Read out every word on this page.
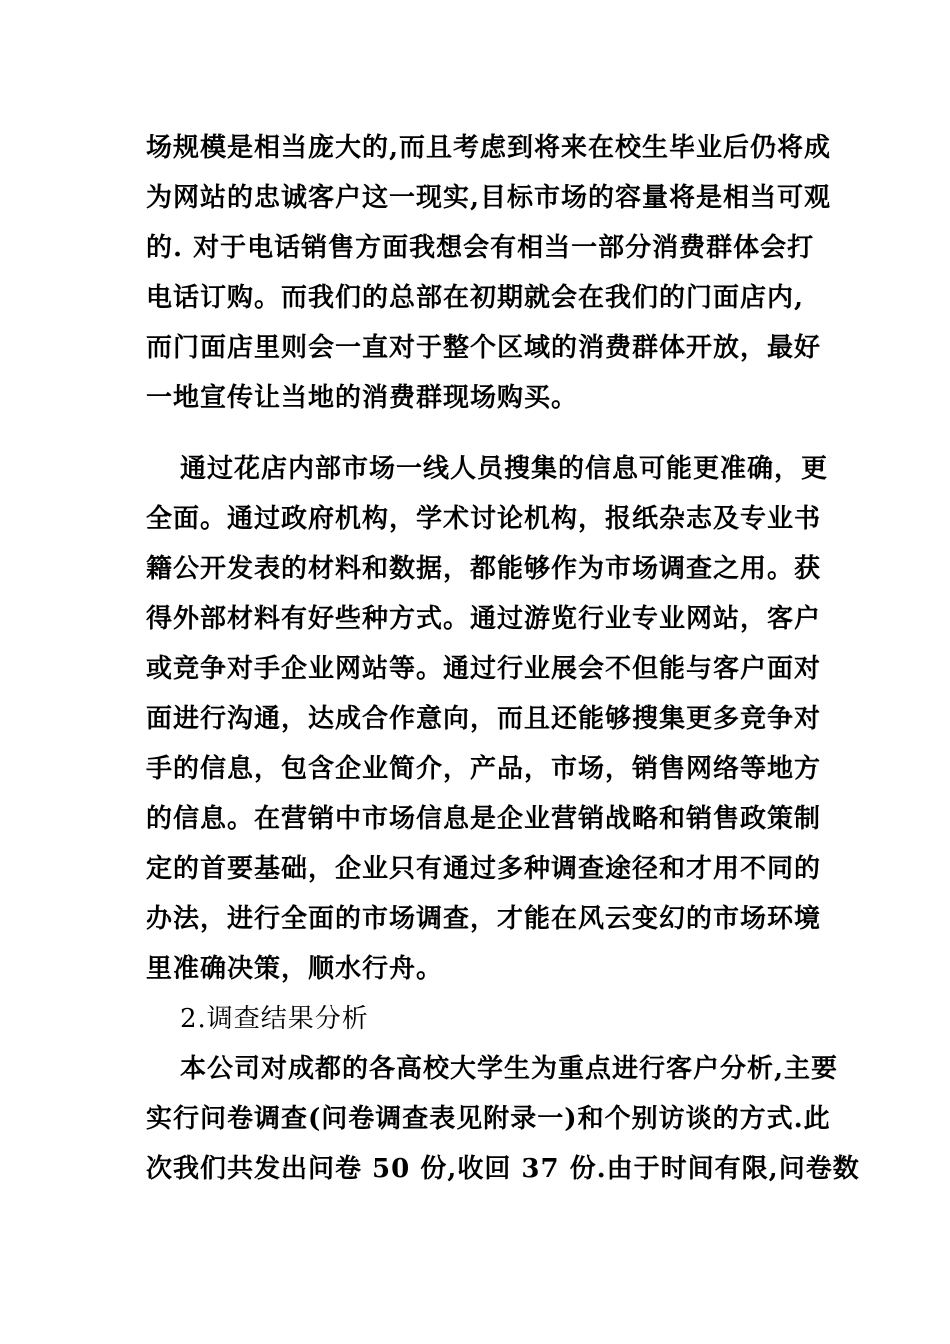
场规模是相当庞大的,而且考虑到将来在校生毕业后仍将成

为网站的忠诚客户这一现实,目标市场的容量将是相当可观

的. 对于电话销售方面我想会有相当一部分消费群体会打

电话订购。而我们的总部在初期就会在我们的门面店内,

而门面店里则会一直对于整个区域的消费群体开放，最好

一地宣传让当地的消费群现场购买。

通过花店内部市场一线人员搜集的信息可能更准确，更

全面。通过政府机构，学术讨论机构，报纸杂志及专业书

籍公开发表的材料和数据，都能够作为市场调查之用。获

得外部材料有好些种方式。通过游览行业专业网站，客户

或竞争对手企业网站等。通过行业展会不但能与客户面对

面进行沟通，达成合作意向，而且还能够搜集更多竞争对

手的信息，包含企业简介，产品，市场，销售网络等地方

的信息。在营销中市场信息是企业营销战略和销售政策制

定的首要基础，企业只有通过多种调查途径和才用不同的

办法，进行全面的市场调查，才能在风云变幻的市场环境

里准确决策，顺水行舟。

2.调查结果分析

本公司对成都的各高校大学生为重点进行客户分析,主要

实行问卷调查(问卷调查表见附录一)和个别访谈的方式.此

次我们共发出问卷 50 份,收回 37 份.由于时间有限,问卷数
